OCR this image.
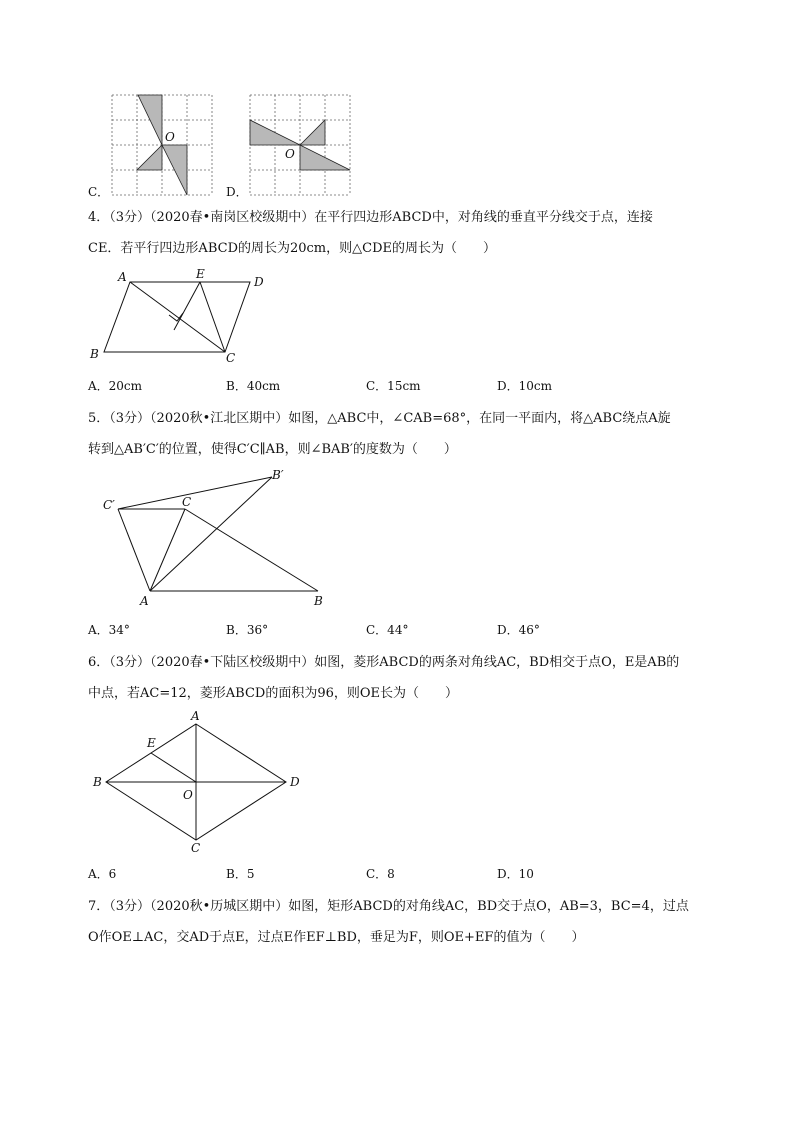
C．
O
D．
O
4．（3分）（2020春•南岗区校级期中）在平行四边形ABCD中，对角线的垂直平分线交于点，连接
CE．若平行四边形ABCD的周长为20cm，则△CDE的周长为（　　）
A	E
D
B	C
A．20cm	B．40cm	C．15cm	D．10cm
5．（3分）（2020秋•江北区期中）如图，△ABC中，∠CAB=68°，在同一平面内，将△ABC绕点A旋
转到△AB′C′的位置，使得C′C∥AB，则∠BAB′的度数为（　　）
C′	C
B′
A	B
A．34°	B．36°	C．44°	D．46°
6．（3分）（2020春•下陆区校级期中）如图，菱形ABCD的两条对角线AC，BD相交于点O，E是AB的
中点，若AC=12，菱形ABCD的面积为96，则OE长为（　　）
A
E
B
O
D
C
A．6	B．5	C．8	D．10
7．（3分）（2020秋•历城区期中）如图，矩形ABCD的对角线AC，BD交于点O，AB=3，BC=4，过点
O作OE⊥AC，交AD于点E，过点E作EF⊥BD，垂足为F，则OE+EF的值为（　　）
